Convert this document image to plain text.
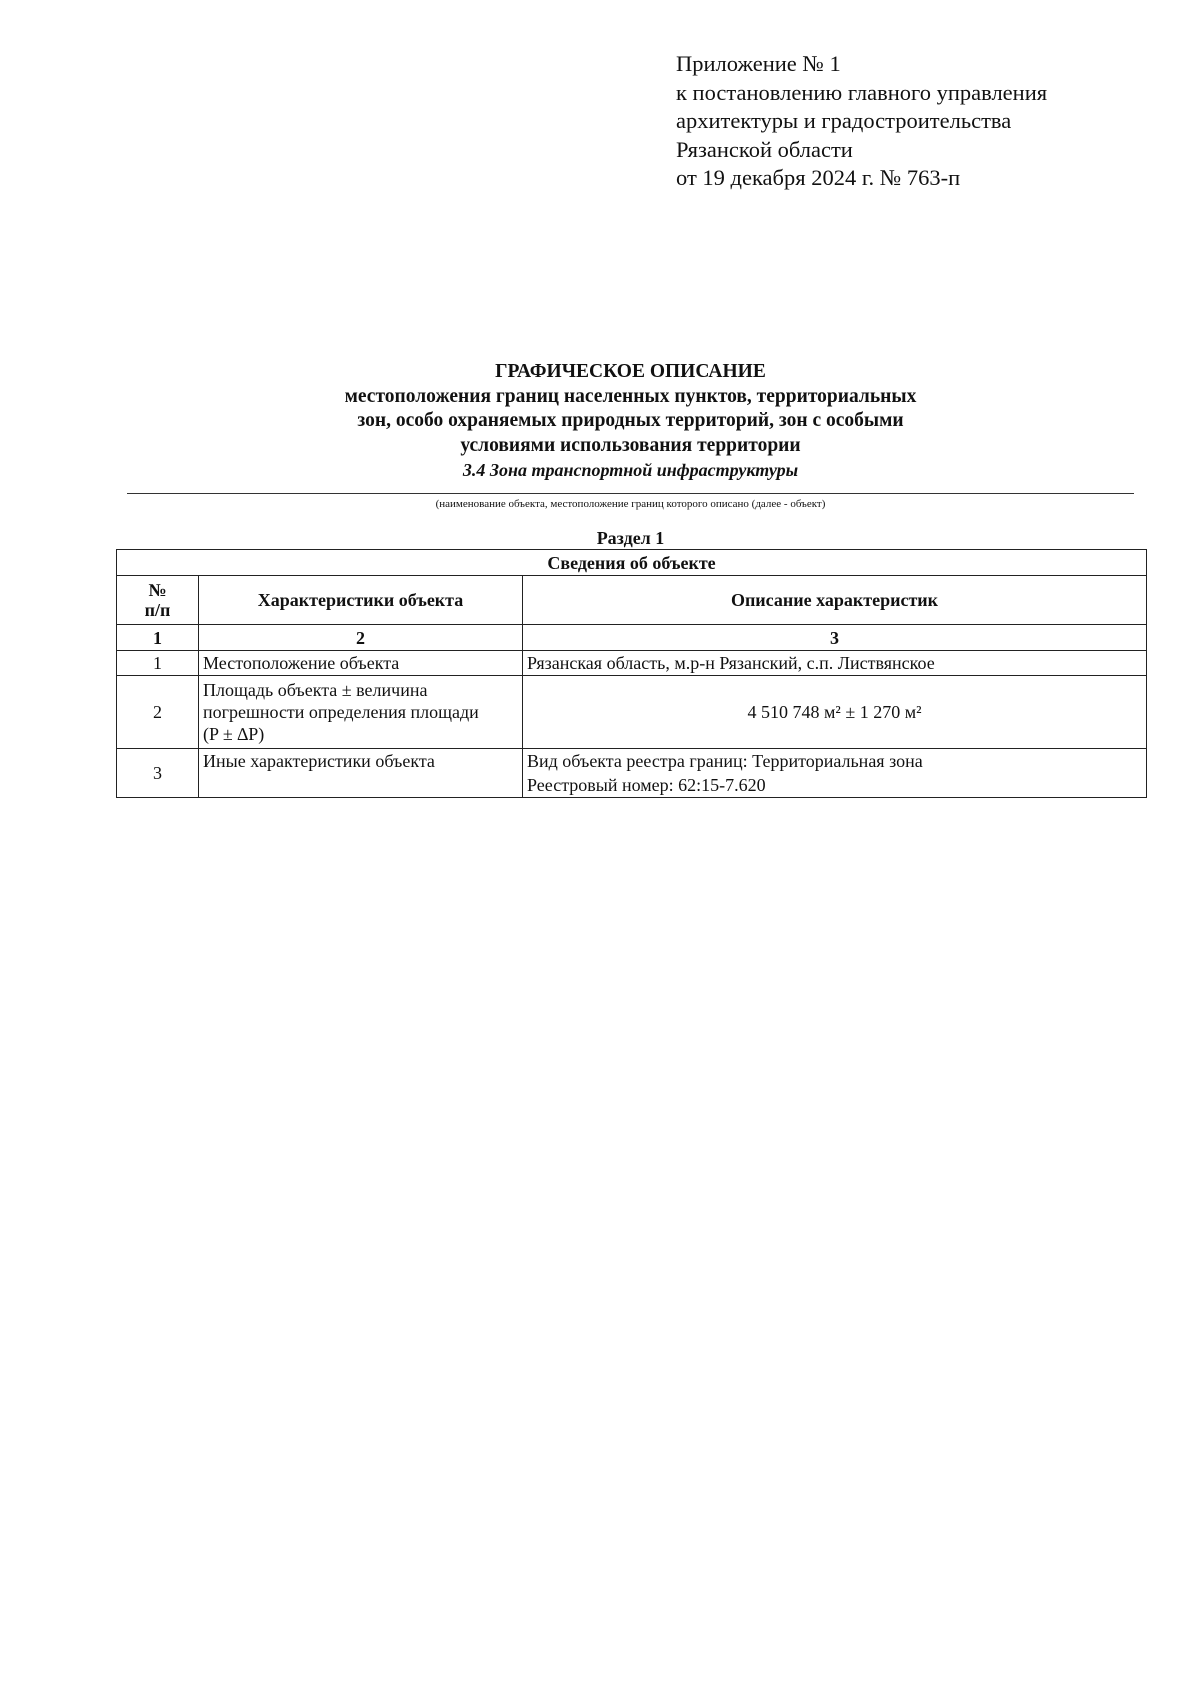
Приложение № 1
к постановлению главного управления
архитектуры и градостроительства
Рязанской области
от 19 декабря 2024 г. № 763-п
ГРАФИЧЕСКОЕ ОПИСАНИЕ
местоположения границ населенных пунктов, территориальных
зон, особо охраняемых природных территорий, зон с особыми
условиями использования территории
3.4 Зона транспортной инфраструктуры
(наименование объекта, местоположение границ которого описано (далее - объект)
Раздел 1
Сведения об объекте		

№
п/п	Характеристики объекта	Описание характеристик
1	2	3
1	Местоположение объекта	Рязанская область, м.р-н Рязанский, с.п. Листвянское

2	Площадь объекта ± величина
погрешности определения площади
(P ± ∆P)	4 510 748 м² ± 1 270 м²

3	Иные характеристики объекта	Вид объекта реестра границ: Территориальная зона
Реестровый номер: 62:15-7.620
